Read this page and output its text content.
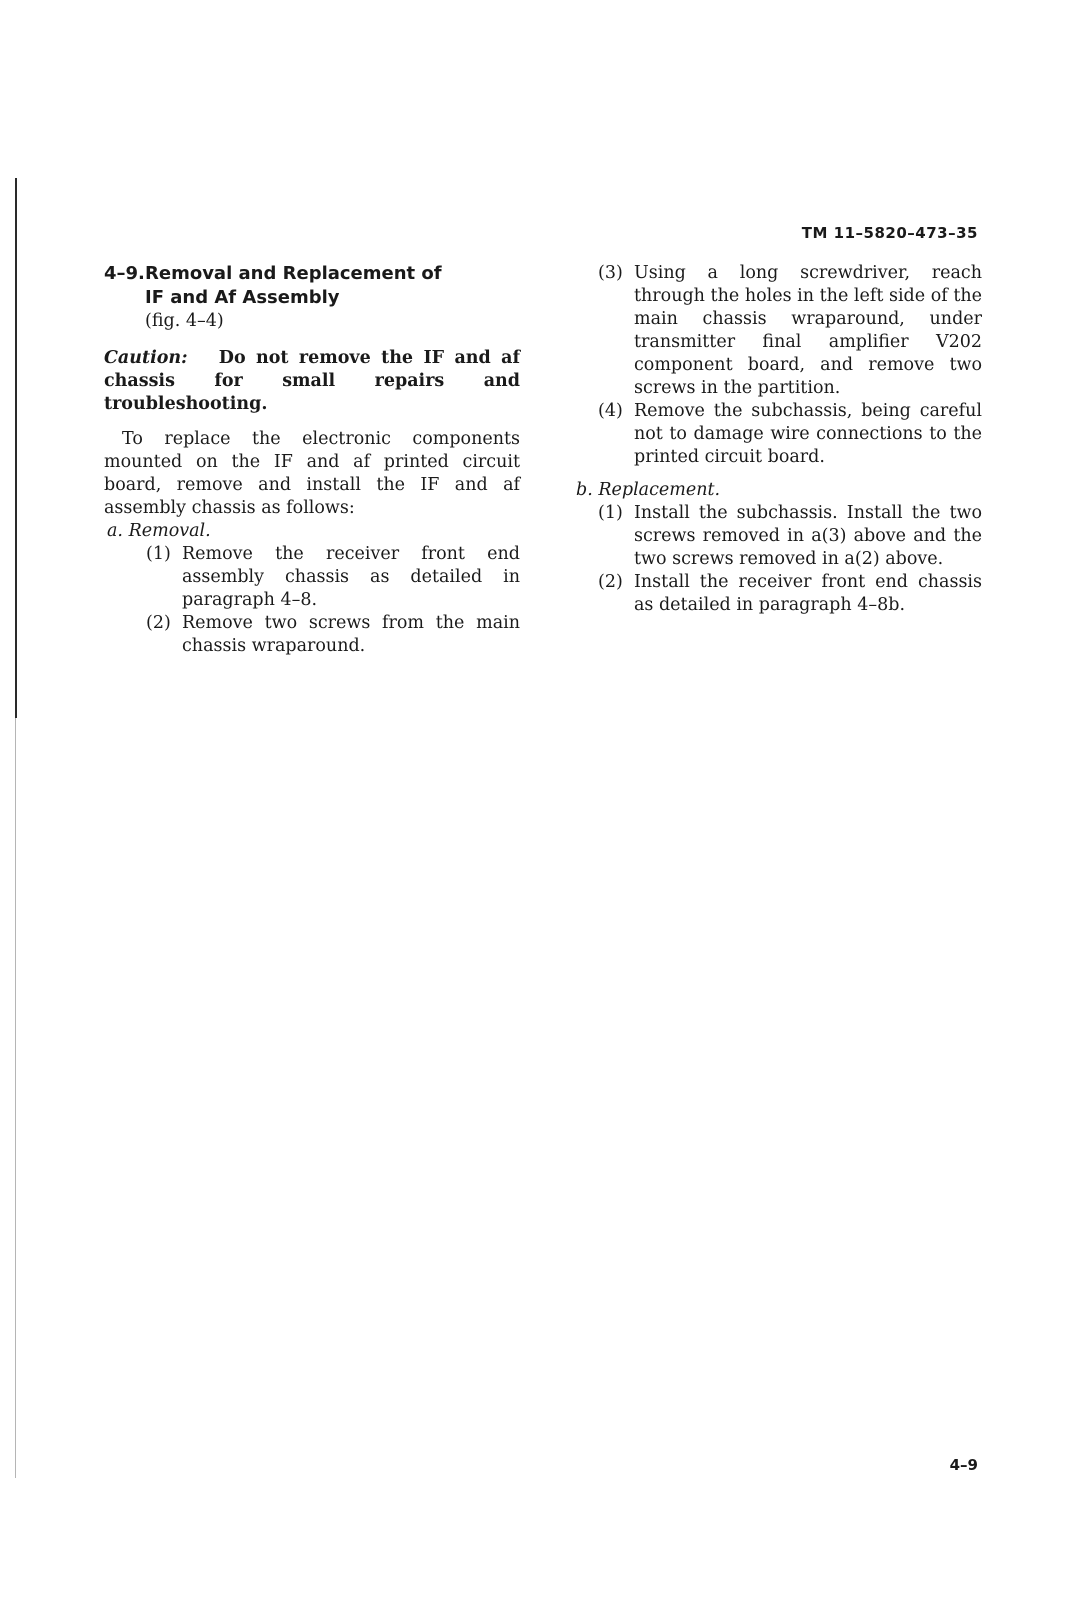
TM 11–5820–473–35
4–9.Removal and Replacement of
IF and Af Assembly
(fig. 4–4)

Caution: Do not remove the IF and af chassis for small repairs and troubleshooting.

To replace the electronic components mounted on the IF and af printed circuit board, remove and install the IF and af assembly chassis as follows:

a. Removal.
(1) Remove the receiver front end assembly chassis as detailed in paragraph 4–8.
(2) Remove two screws from the main chassis wraparound.
(3) Using a long screwdriver, reach through the holes in the left side of the main chassis wraparound, under transmitter final amplifier V202 component board, and remove two screws in the partition.
(4) Remove the subchassis, being careful not to damage wire connections to the printed circuit board.
b. Replacement.
(1) Install the subchassis. Install the two screws removed in a(3) above and the two screws removed in a(2) above.
(2) Install the receiver front end chassis as detailed in paragraph 4–8b.
4–9
